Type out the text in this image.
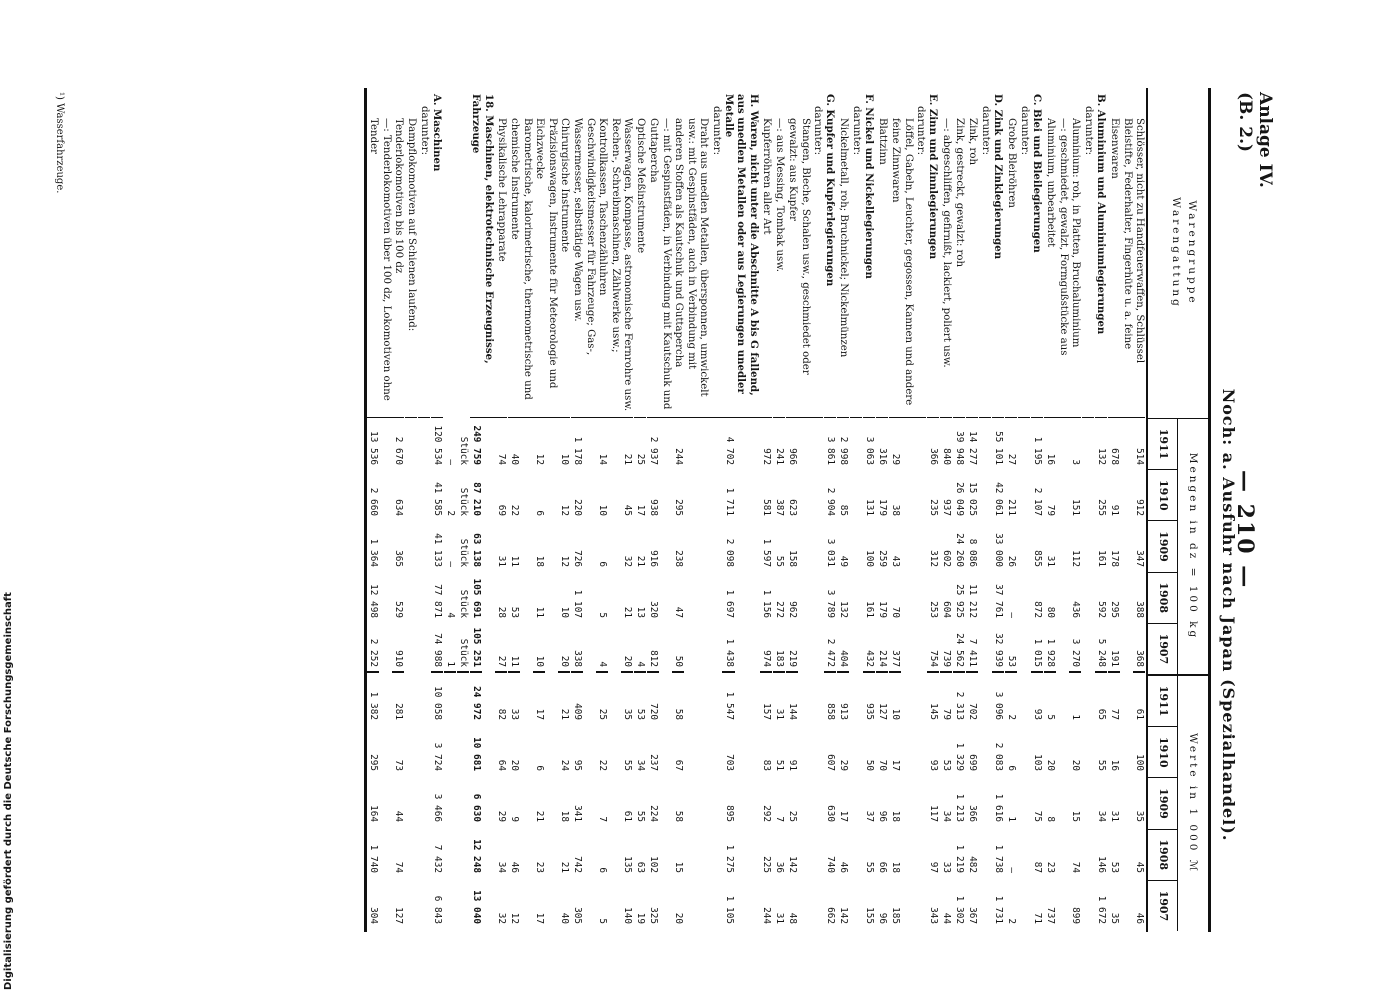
Anlage IV.
(B. 2.)
— 210 —
Noch: a. Ausfuhr nach Japan (Spezialhandel).
Warengruppe
Warengattung
Mengen in dz = 100 kg
1911
1910
1909
1908
1907
Werte in 1 000 ℳ
1911
1910
1909
1908
1907
Schlösser, nicht zu Handfeuerwaffen, Schlüssel
514
912
347
388
368
61
100
35
45
46
Bleistifte, Federhalter, Fingerhüte u. a. feine Eisenwaren
678
91
178
295
191
77
16
31
53
35
B. Aluminium und Aluminiumlegierungen
132
255
161
592
5 248
65
55
34
146
1 672
darunter:
Aluminium: roh, in Platten, Bruchaluminium
3
151
112
436
3 270
1
20
15
74
899
—: geschmiedet, gewalzt, Formgußstücke aus Aluminium, unbearbeitet
16
79
31
80
1 928
5
20
8
23
737
C. Blei und Bleilegierungen
1 195
2 107
855
872
1 015
93
103
75
87
71
darunter:
Grobe Bleiröhren
27
211
26
—
53
2
6
1
—
2
D. Zink und Zinklegierungen
55 101
42 061
33 000
37 761
32 939
3 096
2 083
1 616
1 738
1 731
darunter:
Zink, roh
14 277
15 025
8 086
11 212
7 411
702
699
366
482
367
Zink, gestreckt, gewalzt: roh
39 948
26 049
24 260
25 925
24 562
2 313
1 329
1 213
1 219
1 302
—: abgeschliffen, gefirnißt, lackiert, poliert usw.
840
937
602
604
739
79
53
34
33
44
E. Zinn und Zinnlegierungen
366
235
312
253
754
145
93
117
97
343
darunter:
Löffel, Gabeln, Leuchter, gegossen, Kannen und andere feine Zinnwaren
29
38
43
70
377
10
17
18
18
185
Blattzinn
316
179
259
179
214
127
70
96
66
96
F. Nickel und Nickellegierungen
3 063
131
100
161
432
935
50
37
55
155
darunter:
Nickelmetall, roh; Bruchnickel; Nickelmünzen
2 998
85
49
132
404
913
29
17
46
142
G. Kupfer und Kupferlegierungen
3 861
2 904
3 031
3 789
2 472
858
607
630
740
662
darunter:
Stangen, Bleche, Schalen usw., geschmiedet oder gewalzt: aus Kupfer
966
623
158
962
219
144
91
25
142
48
—: aus Messing, Tombak usw.
241
387
55
272
183
31
51
7
36
31
Kupferröhren aller Art
972
581
1 597
1 156
974
157
83
292
225
244
H. Waren, nicht unter die Abschnitte A bis G fallend, aus unedlen Metallen oder aus Legierungen unedler Metalle
4 702
1 711
2 098
1 697
1 438
1 547
703
895
1 275
1 105
darunter:
Draht aus unedlen Metallen, übersponnen, umwickelt usw.: mit Gespinstfäden, auch in Verbindung mit anderen Stoffen als Kautschuk und Guttapercha
244
295
238
47
50
58
67
58
15
20
—: mit Gespinstfäden, in Verbindung mit Kautschuk und Guttapercha
2 937
938
916
320
812
720
237
224
102
325
Optische Meßinstrumente
25
17
21
13
4
53
34
55
63
19
Wasserwagen, Kompasse, astronomische Fernrohre usw.
21
45
32
21
20
35
55
61
135
140
Rechen-, Schreibmaschinen, Zählwerke usw.; Kontrollkassen, Taschenzähluhren
14
10
6
5
4
25
22
7
6
5
Geschwindigkeitsmesser für Fahrzeuge; Gas-, Wassermesser, selbsttätige Wagen usw.
1 178
220
726
1 107
338
409
95
341
742
305
Chirurgische Instrumente
10
12
12
10
20
21
24
18
21
40
Präzisionswagen, Instrumente für Meteorologie und Eichzwecke
12
6
18
11
10
17
6
21
23
17
Barometrische, kalorimetrische, thermometrische und chemische Instrumente
40
22
11
53
11
33
20
9
46
12
Physikalische Lehrapparate
74
69
31
28
27
82
64
29
34
32
18. Maschinen, elektrotechnische Erzeugnisse, Fahrzeuge
249 759
87 210
63 138
105 691
105 251
24 972
10 681
6 630
12 248
13 040
Stück
Stück
Stück
Stück
Stück
—
2
—
4
1
A. Maschinen
120 534
41 585
41 133
77 871
74 988
10 058
3 724
3 466
7 432
6 843
darunter:
Dampflokomotiven auf Schienen laufend:
Tenderlokomotiven bis 100 dz
2 670
634
365
529
910
281
73
44
74
127
—: Tenderlokomotiven über 100 dz, Lokomotiven ohne Tender
13 536
2 660
1 364
12 498
2 252
1 382
295
164
1 740
304
¹) Wasserfahrzeuge.
Digitalisierung gefördert durch die Deutsche Forschungsgemeinschaft
